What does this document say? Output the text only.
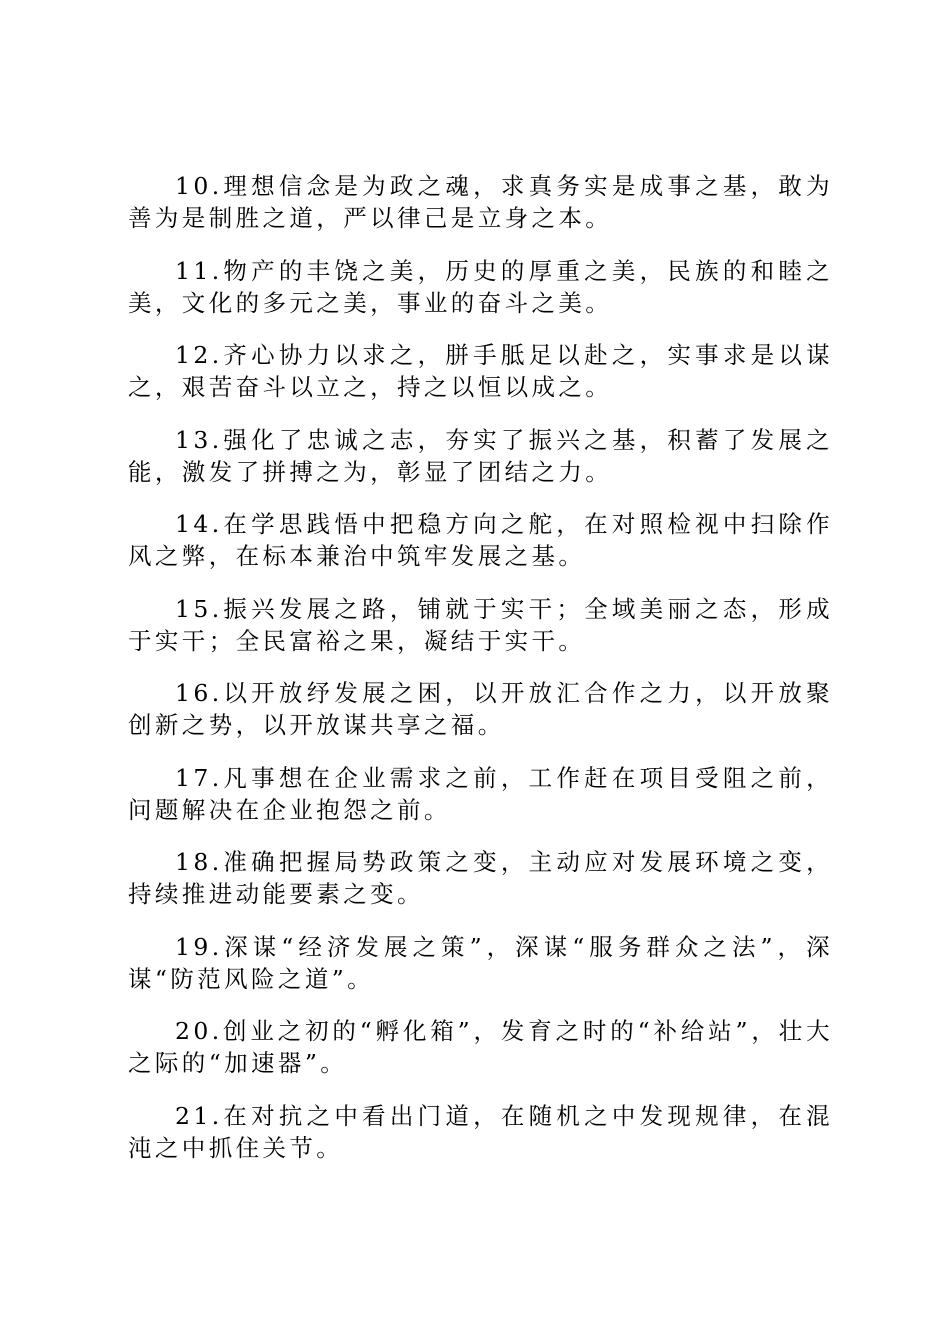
10.理想信念是为政之魂，求真务实是成事之基，敢为善为是制胜之道，严以律己是立身之本。

11.物产的丰饶之美，历史的厚重之美，民族的和睦之美，文化的多元之美，事业的奋斗之美。

12.齐心协力以求之，胼手胝足以赴之，实事求是以谋之，艰苦奋斗以立之，持之以恒以成之。

13.强化了忠诚之志，夯实了振兴之基，积蓄了发展之能，激发了拼搏之为，彰显了团结之力。

14.在学思践悟中把稳方向之舵，在对照检视中扫除作风之弊，在标本兼治中筑牢发展之基。

15.振兴发展之路，铺就于实干；全域美丽之态，形成于实干；全民富裕之果，凝结于实干。

16.以开放纾发展之困，以开放汇合作之力，以开放聚创新之势，以开放谋共享之福。

17.凡事想在企业需求之前，工作赶在项目受阻之前，问题解决在企业抱怨之前。

18.准确把握局势政策之变，主动应对发展环境之变，持续推进动能要素之变。

19.深谋“经济发展之策”，深谋“服务群众之法”，深谋“防范风险之道”。

20.创业之初的“孵化箱”，发育之时的“补给站”，壮大之际的“加速器”。

21.在对抗之中看出门道，在随机之中发现规律，在混沌之中抓住关节。
